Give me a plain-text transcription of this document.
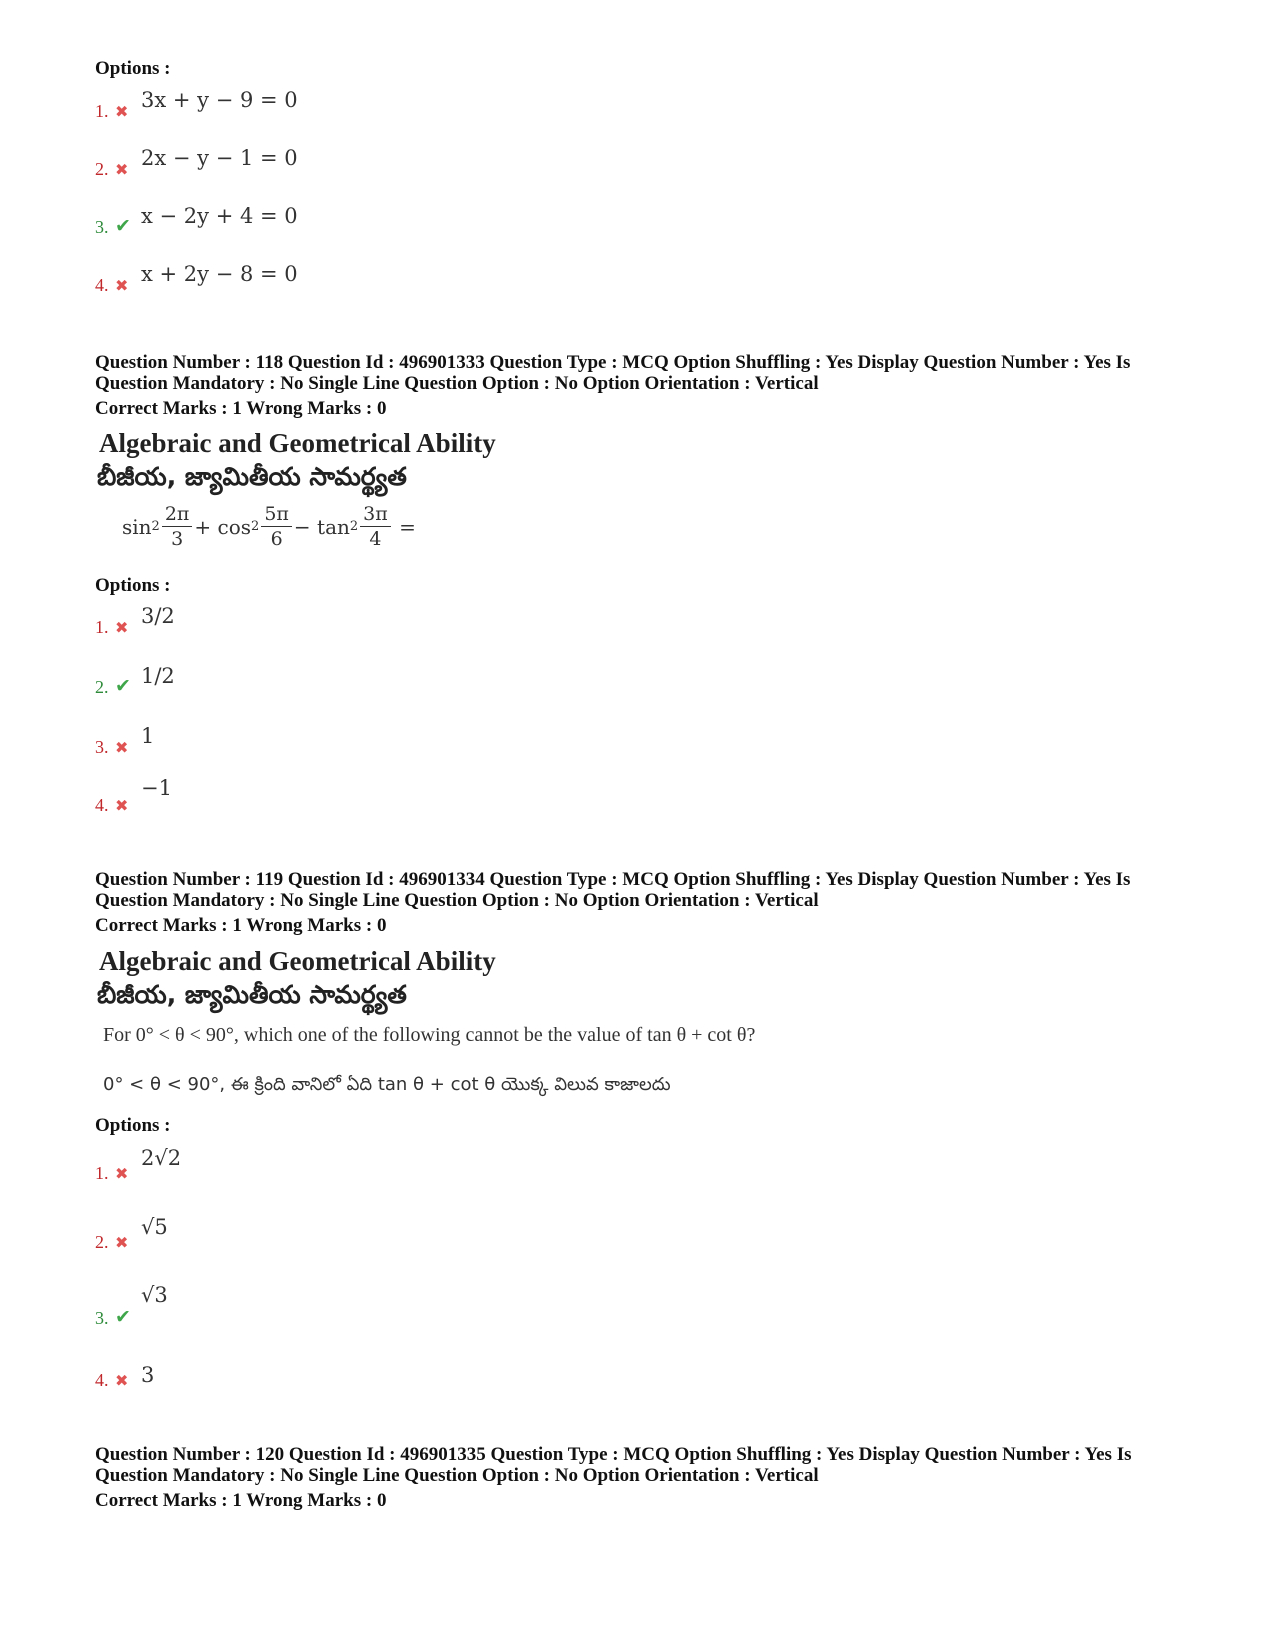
Options :
1. ✖
3x + y − 9 = 0
2. ✖
2x − y − 1 = 0
3. ✔ x − 2y + 4 = 0
4. ✖
x + 2y − 8 = 0
Question Number : 118 Question Id : 496901333 Question Type : MCQ Option Shuffling : Yes Display Question Number : Yes Is
Question Mandatory : No Single Line Question Option : No Option Orientation : Vertical
Correct Marks : 1 Wrong Marks : 0
Algebraic and Geometrical Ability
బీజీయ, జ్యామితీయ సామర్థ్యత
$\sin 2 \frac{2\pi}{3}$ +
$\cos 2 \frac{5\pi}{6}$ −
$\tan 2 \frac{3\pi}{4}$
=
Options :
1. ✖
3/2
2. ✔ 1/2
3. ✖
1
4. ✖
−1
Question Number : 119 Question Id : 496901334 Question Type : MCQ Option Shuffling : Yes Display Question Number : Yes Is
Question Mandatory : No Single Line Question Option : No Option Orientation : Vertical
Correct Marks : 1 Wrong Marks : 0
Algebraic and Geometrical Ability
బీజీయ, జ్యామితీయ సామర్థ్యత
For 0° < θ < 90°, which one of the following cannot be the value of tan θ + cot θ?
0° < θ < 90°, ఈ క్రింది వానిలో ఏది tan θ + cot θ యొక్క విలువ కాజాలదు
Options :
1. ✖
2√2
2. ✖
√5
3. ✔
√3
4. ✖ 3
Question Number : 120 Question Id : 496901335 Question Type : MCQ Option Shuffling : Yes Display Question Number : Yes Is
Question Mandatory : No Single Line Question Option : No Option Orientation : Vertical
Correct Marks : 1 Wrong Marks : 0
